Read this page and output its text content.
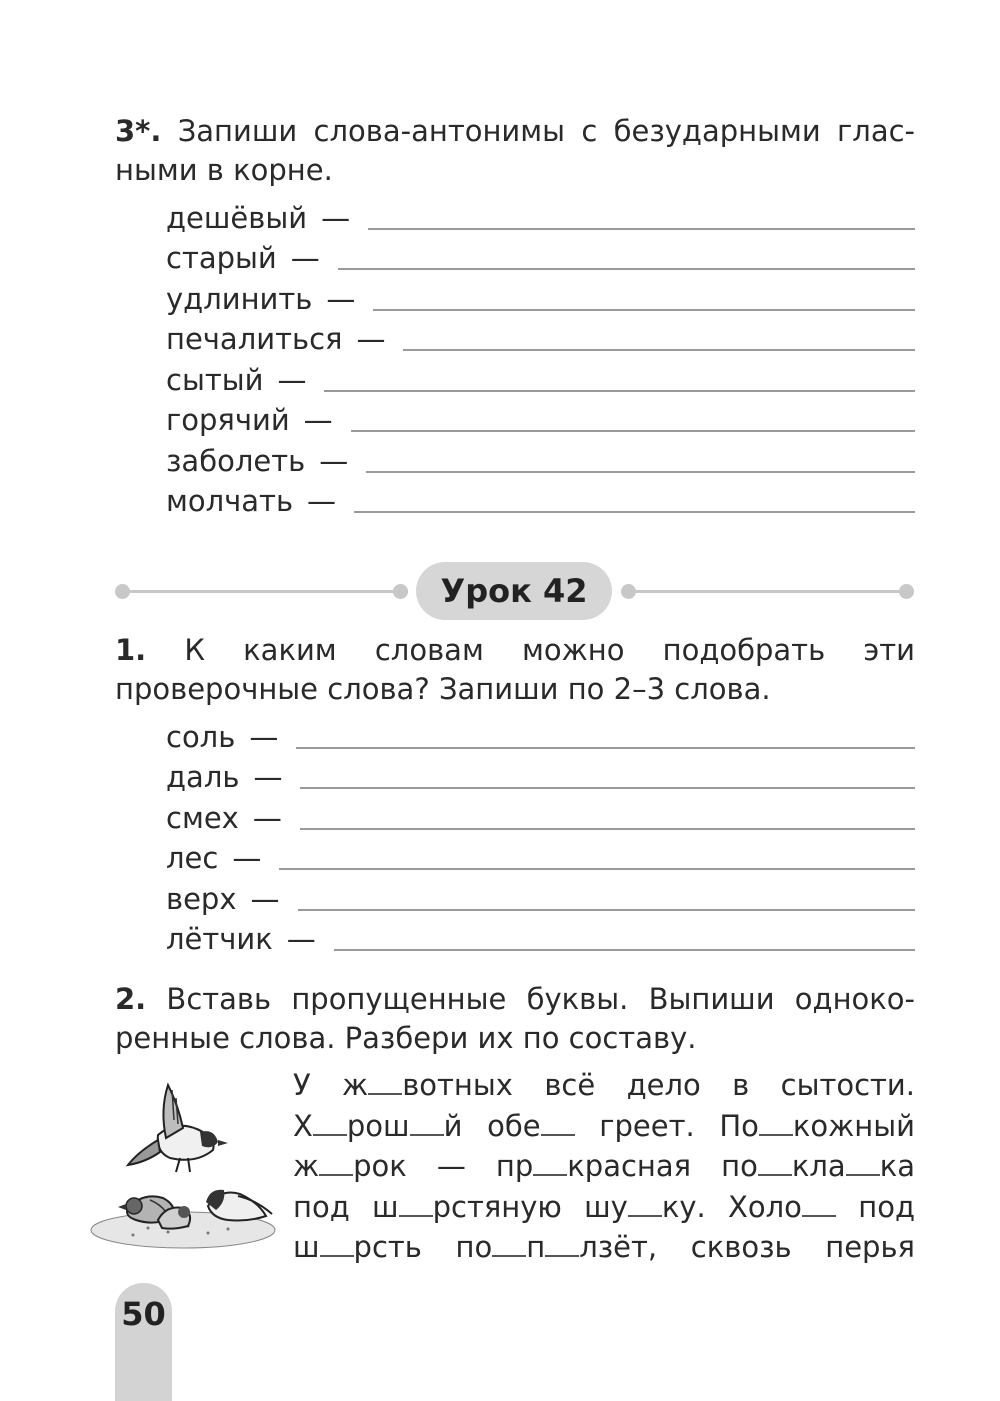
3*. Запиши слова-антонимы с безударными глас-
ными в корне.
дешёвый —
старый —
удлинить —
печалиться —
сытый —
горячий —
заболеть —
молчать —
Урок 42
1. К каким словам можно подобрать эти
проверочные слова? Запиши по 2–3 слова.
соль —
даль —
смех —
лес —
верх —
лётчик —
2. Вставь пропущенные буквы. Выпиши однoко-
ренные слова. Разбери их по составу.
У ж вотных всё дело в сытости.
Х рош й обе греет. По кожный
ж рок — пр красная по кла ка
под ш рстяную шу ку. Холо под
ш рсть по п лзёт, сквозь перья
50
